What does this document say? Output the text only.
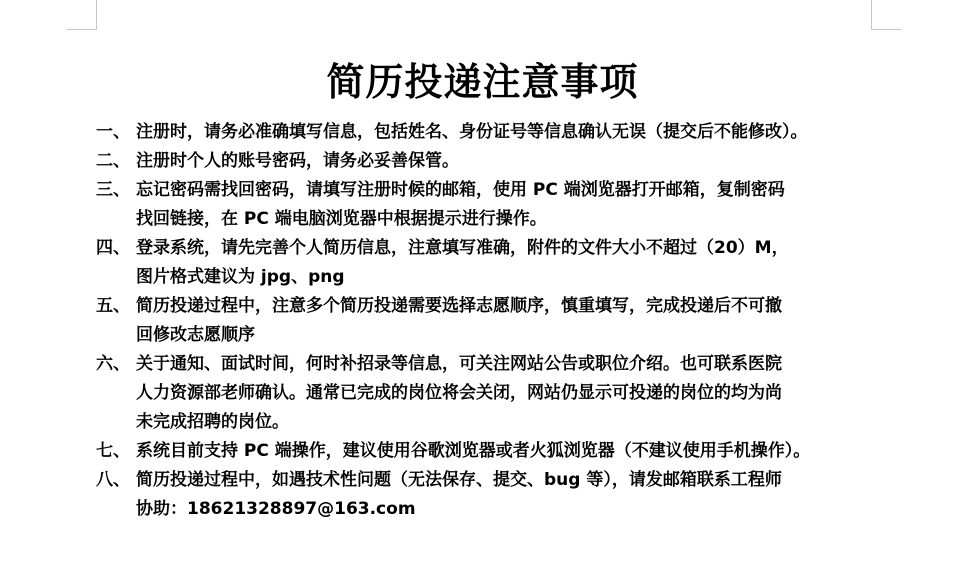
简历投递注意事项
一、 注册时，请务必准确填写信息，包括姓名、身份证号等信息确认无误（提交后不能修改）。
二、 注册时个人的账号密码，请务必妥善保管。
三、 忘记密码需找回密码，请填写注册时候的邮箱，使用 PC 端浏览器打开邮箱，复制密码
找回链接，在 PC 端电脑浏览器中根据提示进行操作。
四、 登录系统，请先完善个人简历信息，注意填写准确，附件的文件大小不超过（20）M，
图片格式建议为 jpg、png
五、 简历投递过程中，注意多个简历投递需要选择志愿顺序，慎重填写，完成投递后不可撤
回修改志愿顺序
六、 关于通知、面试时间，何时补招录等信息，可关注网站公告或职位介绍。也可联系医院
人力资源部老师确认。通常已完成的岗位将会关闭，网站仍显示可投递的岗位的均为尚
未完成招聘的岗位。
七、 系统目前支持 PC 端操作，建议使用谷歌浏览器或者火狐浏览器（不建议使用手机操作）。
八、 简历投递过程中，如遇技术性问题（无法保存、提交、bug 等），请发邮箱联系工程师
协助：18621328897@163.com
